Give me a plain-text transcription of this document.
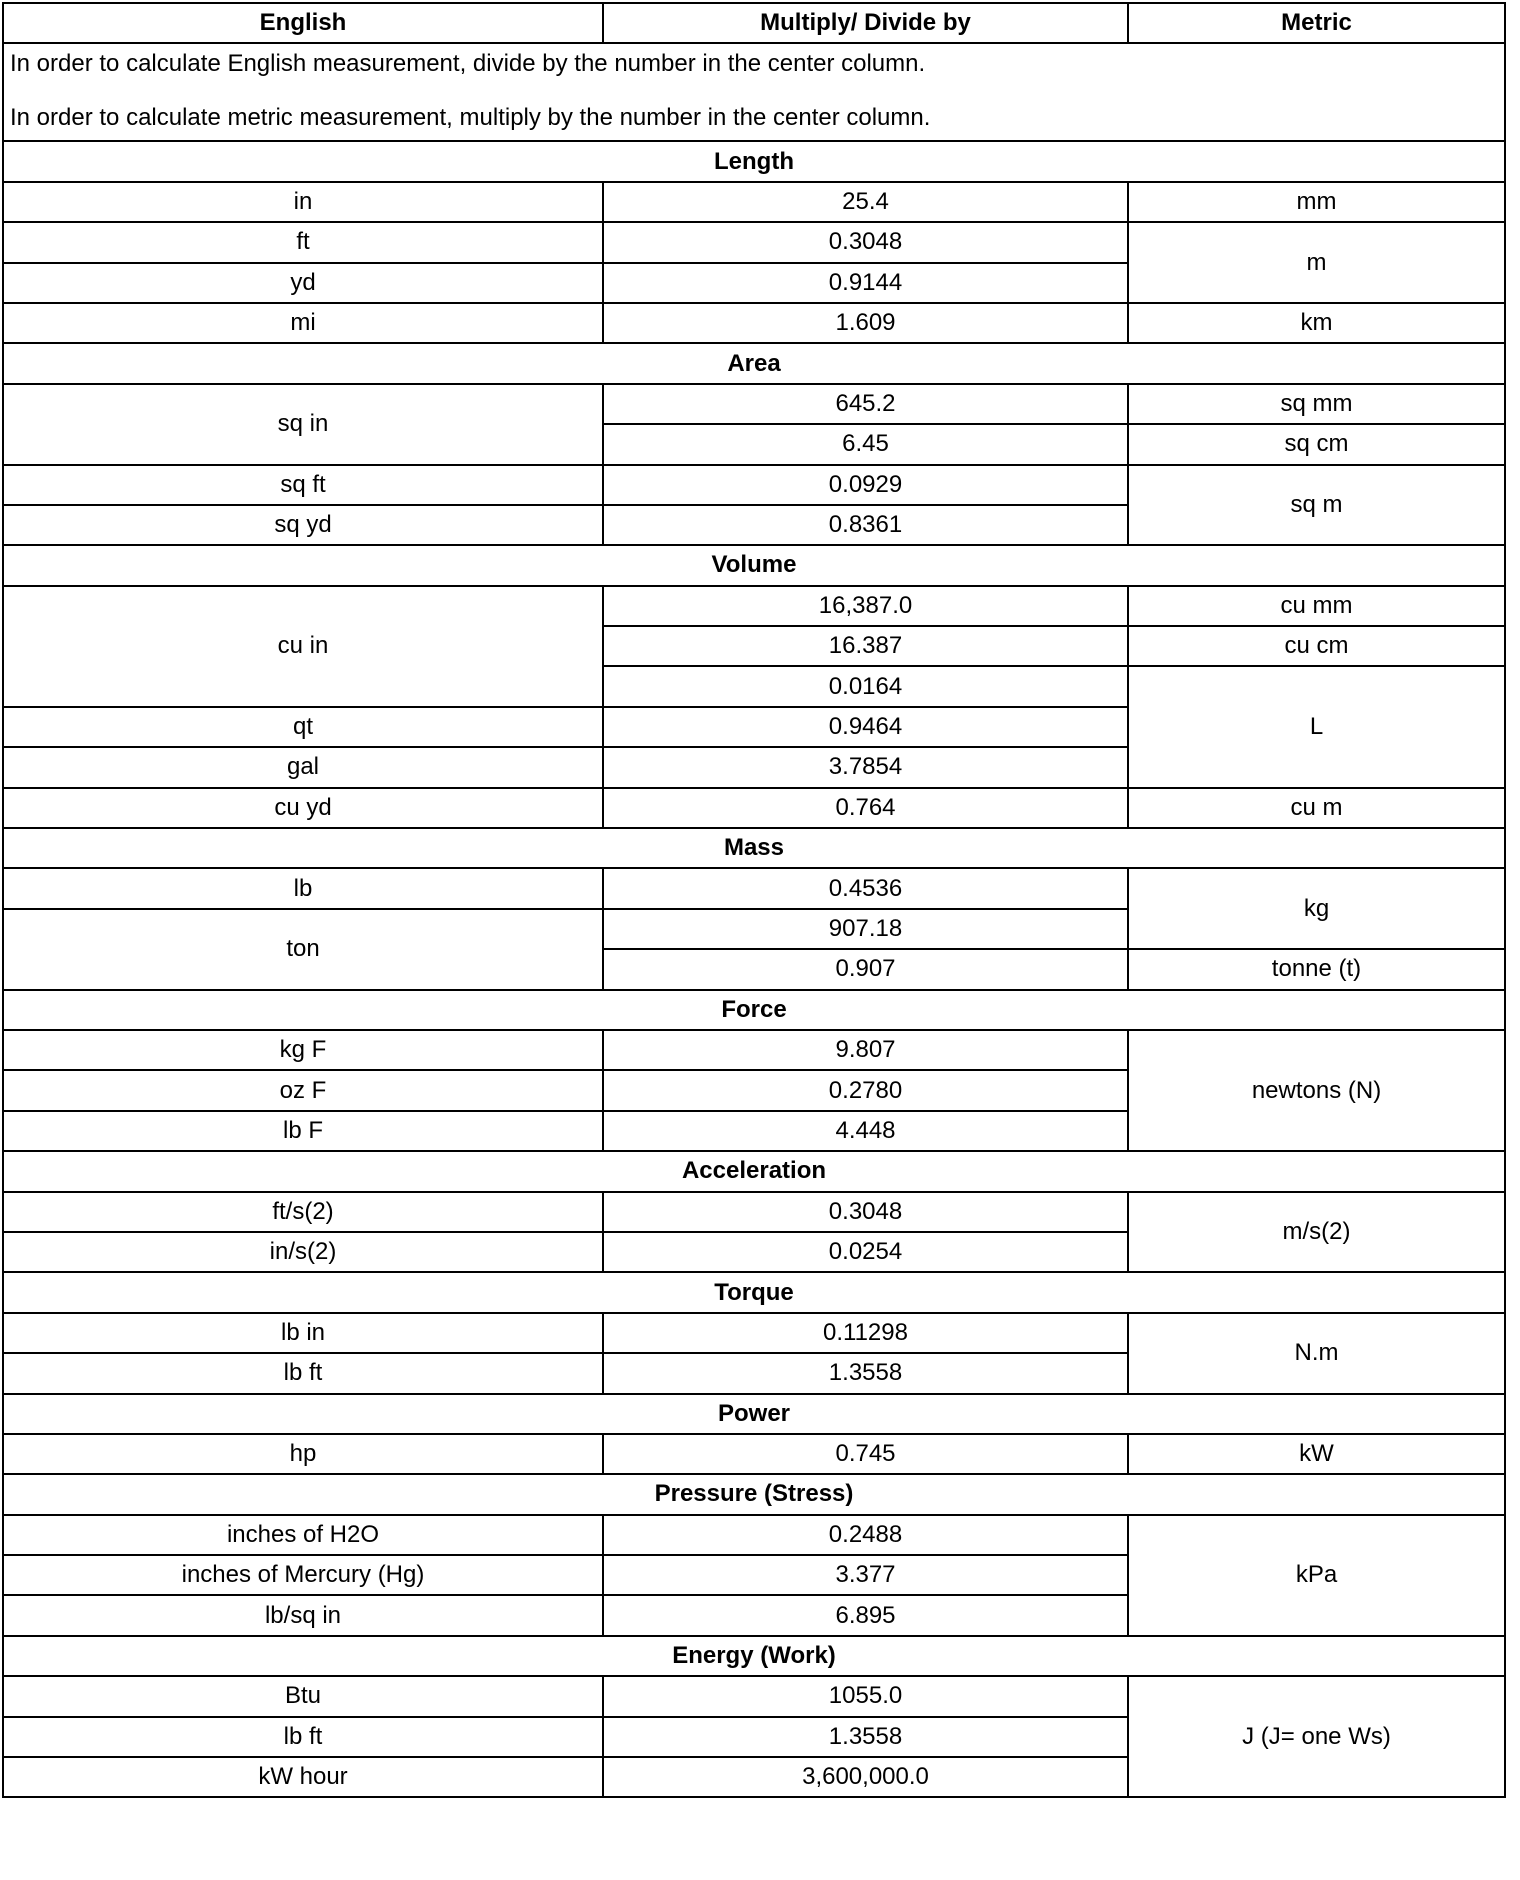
English	Multiply/ Divide by	Metric

In order to calculate English measurement, divide by the number in the center column.

In order to calculate metric measurement, multiply by the number in the center column.		

Length		
in	25.4	mm
ft	0.3048	m
yd	0.9144	
mi	1.609	km
Area		
sq in	645.2	sq mm
	6.45	sq cm
sq ft	0.0929	sq m
sq yd	0.8361	
Volume		
cu in	16,387.0	cu mm
	16.387	cu cm
	0.0164	L
qt	0.9464	
gal	3.7854	
cu yd	0.764	cu m
Mass		
lb	0.4536	kg
ton	907.18	
	0.907	tonne (t)
Force		
kg F	9.807	newtons (N)
oz F	0.2780	
lb F	4.448	
Acceleration		
ft/s(2)	0.3048	m/s(2)
in/s(2)	0.0254	
Torque		
lb in	0.11298	N.m
lb ft	1.3558	
Power		
hp	0.745	kW
Pressure (Stress)		
inches of H2O	0.2488	kPa
inches of Mercury (Hg)	3.377	
lb/sq in	6.895	
Energy (Work)		
Btu	1055.0	J (J= one Ws)
lb ft	1.3558	
kW hour	3,600,000.0	
